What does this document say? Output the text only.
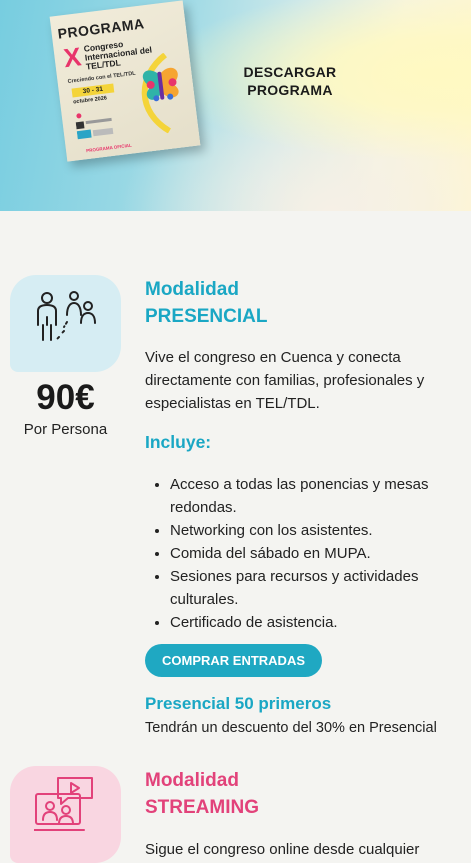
PROGRAMA
X Congreso Internacional del TEL/TDL
Creciendo con el TEL/TDL
30 - 31
octubre 2026
PROGRAMA OFICIAL
DESCARGAR
PROGRAMA
90€
Por Persona
Modalidad
PRESENCIAL
Vive el congreso en Cuenca y conecta directamente con familias, profesionales y especialistas en TEL/TDL.
Incluye:
• Acceso a todas las ponencias y mesas redondas.
• Networking con los asistentes.
• Comida del sábado en MUPA.
• Sesiones para recursos y actividades culturales.
• Certificado de asistencia.
COMPRAR ENTRADAS
Presencial 50 primeros
Tendrán un descuento del 30% en Presencial
Modalidad
STREAMING
Sigue el congreso online desde cualquier
